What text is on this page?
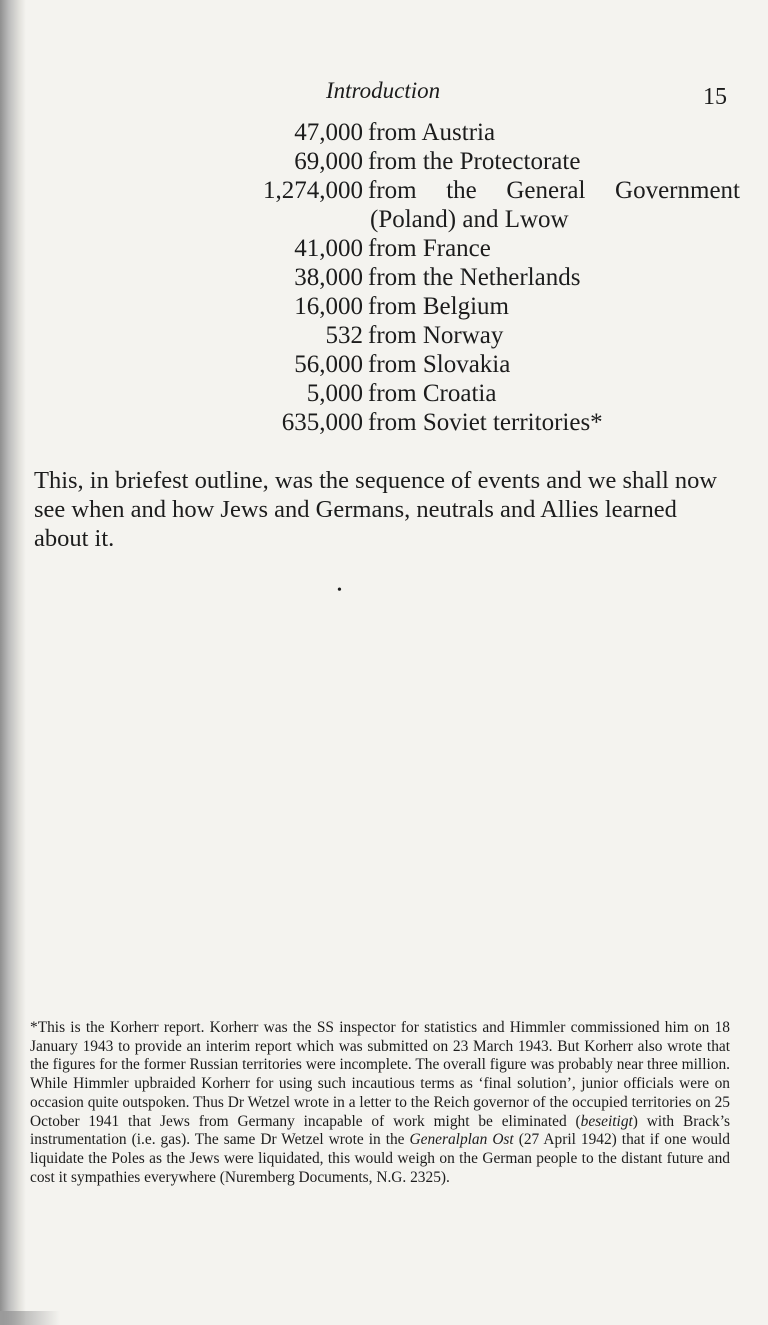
Introduction	15
47,000 from Austria
69,000 from the Protectorate
1,274,000 from the General Government
(Poland) and Lwow
41,000 from France
38,000 from the Netherlands
16,000 from Belgium
532 from Norway
56,000 from Slovakia
5,000 from Croatia
635,000 from Soviet territories*

This, in briefest outline, was the sequence of events and we shall now see when and how Jews and Germans, neutrals and Allies learned about it.

•

*This is the Korherr report. Korherr was the SS inspector for statistics and Himmler commissioned him on 18 January 1943 to provide an interim report which was submitted on 23 March 1943. But Korherr also wrote that the figures for the former Russian territories were incomplete. The overall figure was probably near three million. While Himmler upbraided Korherr for using such incautious terms as ‘final solution’, junior officials were on occasion quite outspoken. Thus Dr Wetzel wrote in a letter to the Reich governor of the occupied territories on 25 October 1941 that Jews from Germany incapable of work might be eliminated (beseitigt) with Brack’s instrumentation (i.e. gas). The same Dr Wetzel wrote in the Generalplan Ost (27 April 1942) that if one would liquidate the Poles as the Jews were liquidated, this would weigh on the German people to the distant future and cost it sympathies everywhere (Nuremberg Documents, N.G. 2325).
